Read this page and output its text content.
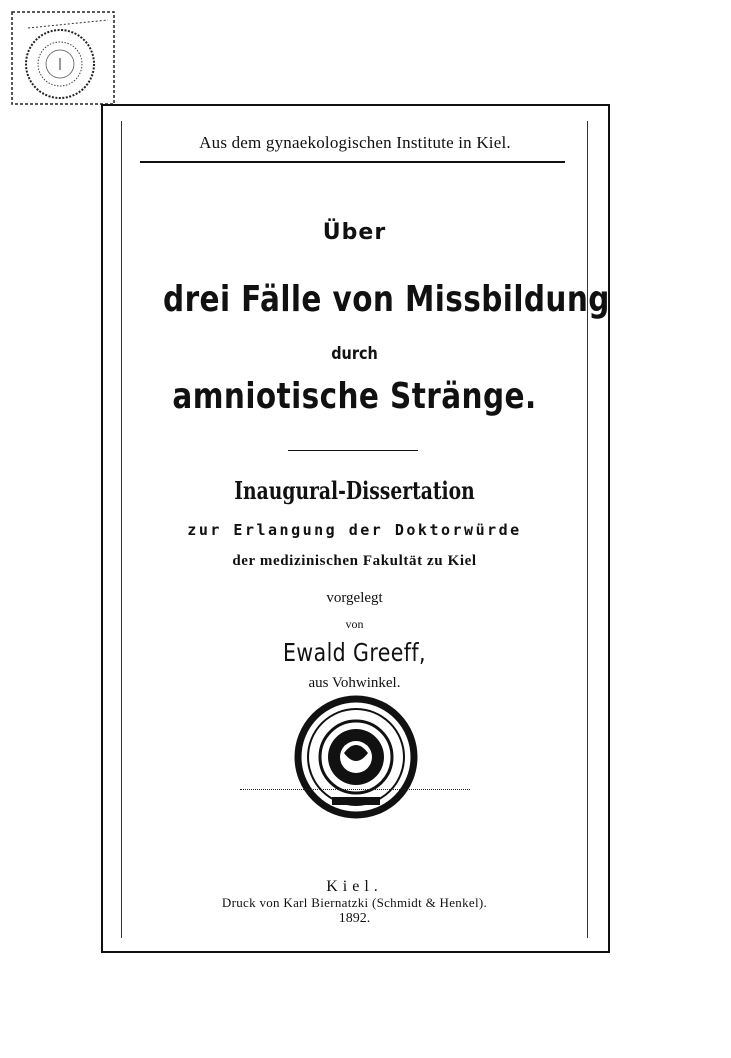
Aus dem gynaekologischen Institute in Kiel.
Über
drei Fälle von Missbildung
durch
amniotische Stränge.
Inaugural-Dissertation
zur Erlangung der Doktorwürde
der medizinischen Fakultät zu Kiel
vorgelegt
von
Ewald Greeff,
aus Vohwinkel.
Kiel.
Druck von Karl Biernatzki (Schmidt & Henkel).
1892.
